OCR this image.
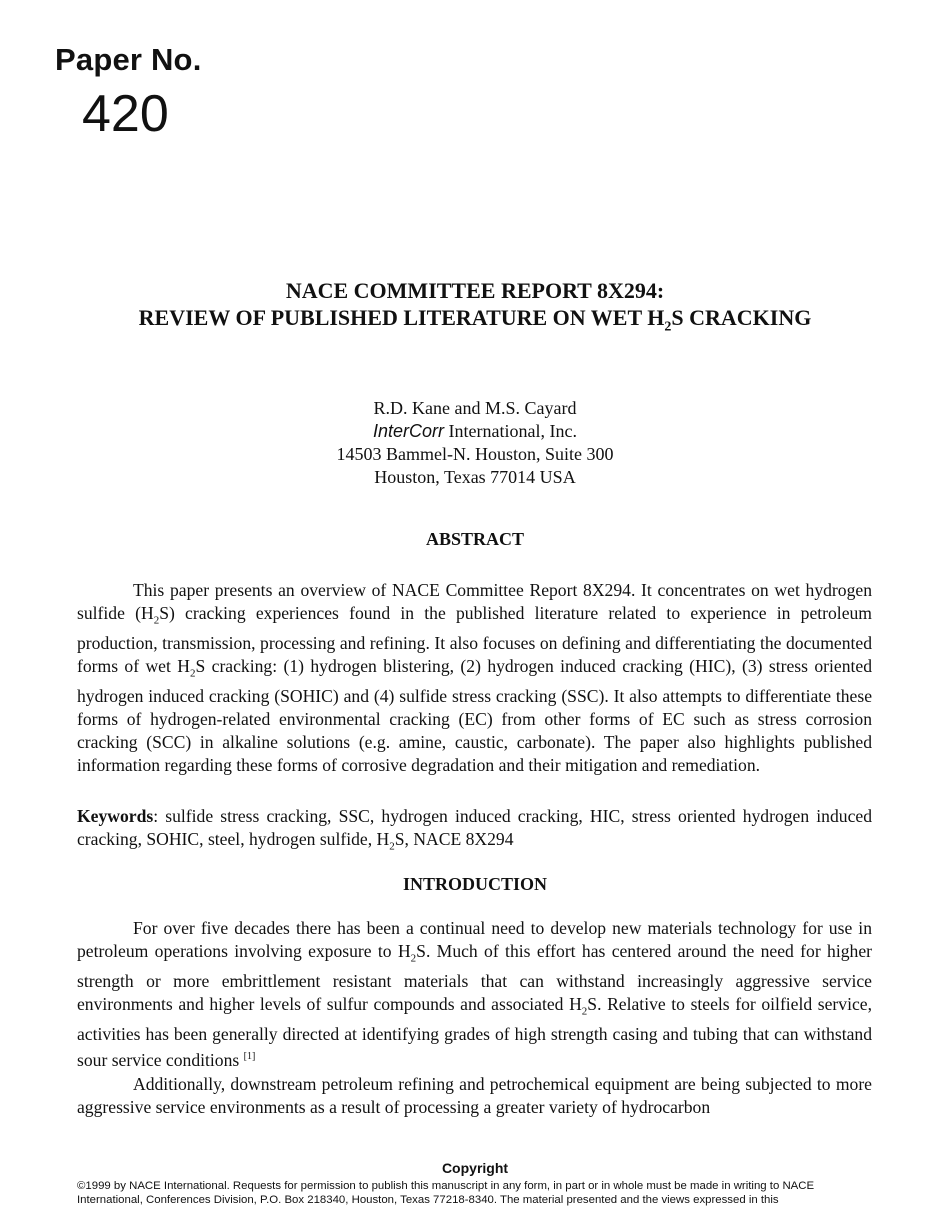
Paper No.
420
NACE COMMITTEE REPORT 8X294:
REVIEW OF PUBLISHED LITERATURE ON WET $H_2S$ CRACKING
R.D. Kane and M.S. Cayard
InterCorr International, Inc.
14503 Bammel-N. Houston, Suite 300
Houston, Texas 77014 USA
ABSTRACT

This paper presents an overview of NACE Committee Report 8X294. It concentrates on wet hydrogen sulfide $(H_2S)$ cracking experiences found in the published literature related to experience in petroleum production, transmission, processing and refining. It also focuses on defining and differentiating the documented forms of wet $H_2S$ cracking: (1) hydrogen blistering, (2) hydrogen induced cracking (HIC), (3) stress oriented hydrogen induced cracking (SOHIC) and (4) sulfide stress cracking (SSC). It also attempts to differentiate these forms of hydrogen-related environmental cracking (EC) from other forms of EC such as stress corrosion cracking (SCC) in alkaline solutions (e.g. amine, caustic, carbonate). The paper also highlights published information regarding these forms of corrosive degradation and their mitigation and remediation.

Keywords: sulfide stress cracking, SSC, hydrogen induced cracking, HIC, stress oriented hydrogen induced cracking, SOHIC, steel, hydrogen sulfide, $H_2S$, NACE 8X294

INTRODUCTION

For over five decades there has been a continual need to develop new materials technology for use in petroleum operations involving exposure to $H_2S$. Much of this effort has centered around the need for higher strength or more embrittlement resistant materials that can withstand increasingly aggressive service environments and higher levels of sulfur compounds and associated $H_2S$. Relative to steels for oilfield service, activities has been generally directed at identifying grades of high strength casing and tubing that can withstand sour service conditions [1]

Additionally, downstream petroleum refining and petrochemical equipment are being subjected to more aggressive service environments as a result of processing a greater variety of hydrocarbon

Copyright
©1999 by NACE International. Requests for permission to publish this manuscript in any form, in part or in whole must be made in writing to NACE
International, Conferences Division, P.O. Box 218340, Houston, Texas 77218-8340. The material presented and the views expressed in this
